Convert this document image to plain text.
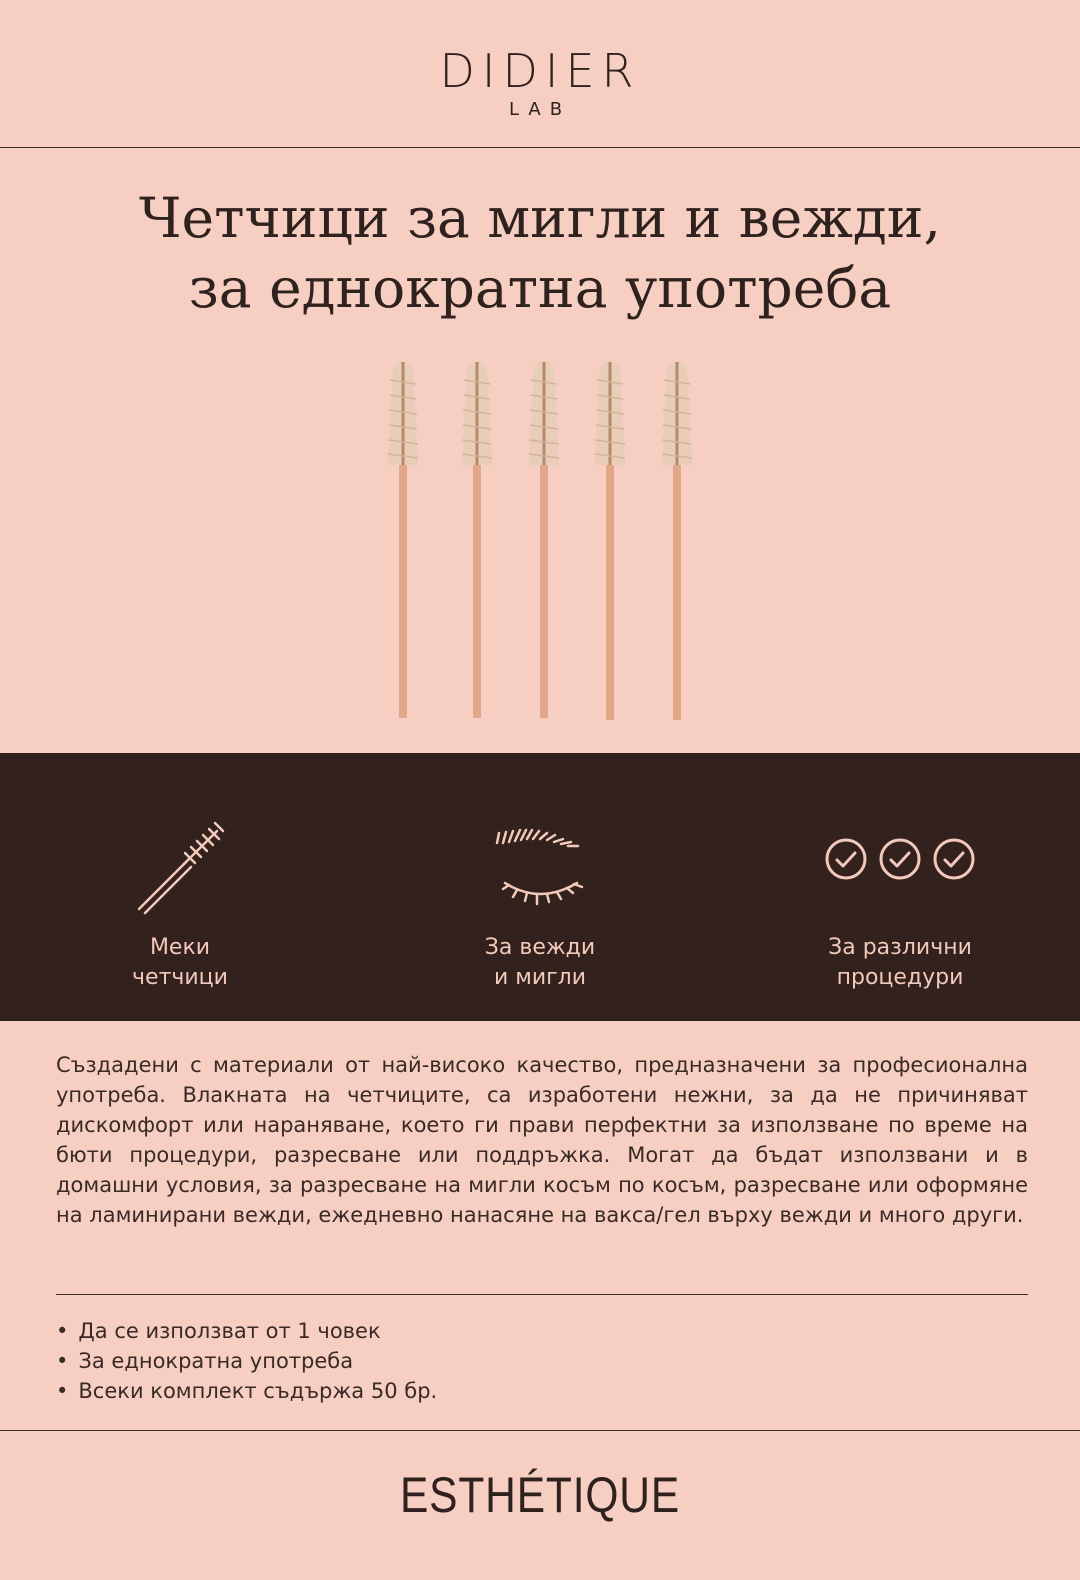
DIDIER
LAB
Четчици за мигли и вежди,
за еднократна употреба
Меки
четчици
За вежди
и мигли
За различни
процедури
Създадени с материали от най-високо качество, предназначени за професионална употреба. Влакната на четчиците, са изработени нежни, за да не причиняват дискомфорт или нараняване, което ги прави перфектни за използване по време на бюти процедури, разресване или поддръжка. Могат да бъдат използвани и в домашни условия, за разресване на мигли косъм по косъм, разресване или оформяне на ламинирани вежди, ежедневно нанасяне на вакса/гел върху вежди и много други.
• Да се използват от 1 човек
• За еднократна употреба
• Всеки комплект съдържа 50 бр.
ESTHÉTIQUE
